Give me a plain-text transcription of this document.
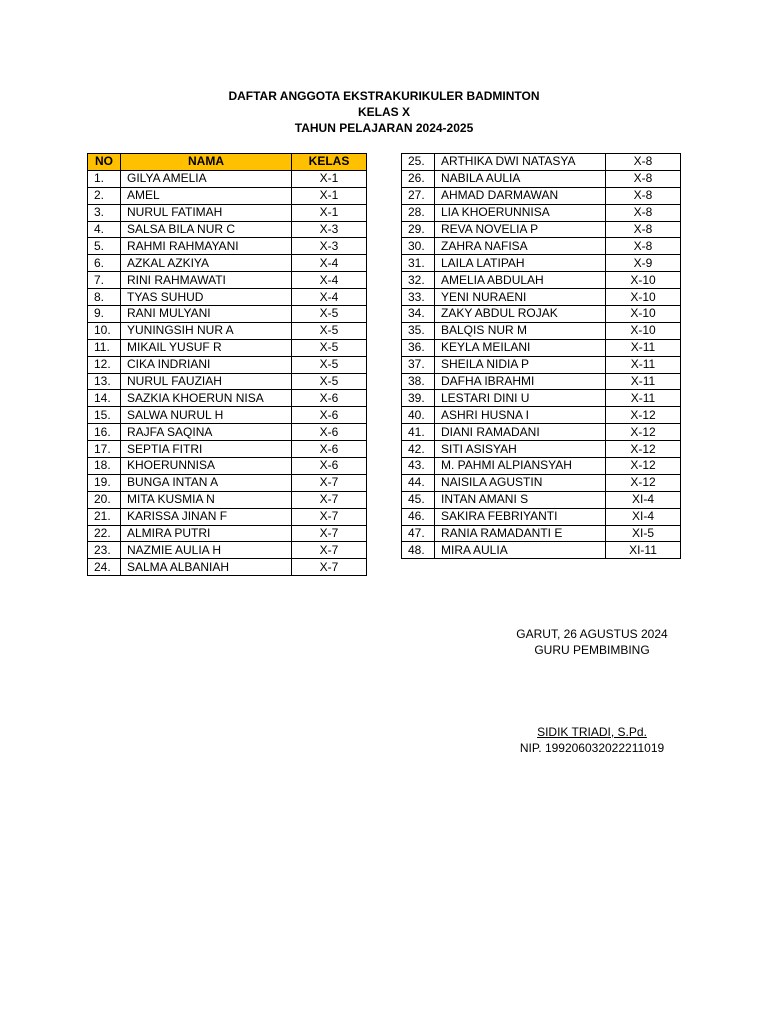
DAFTAR ANGGOTA EKSTRAKURIKULER BADMINTON
KELAS X
TAHUN PELAJARAN 2024-2025
NO	NAMA	KELAS
1.	GILYA AMELIA	X-1
2.	AMEL	X-1
3.	NURUL FATIMAH	X-1
4.	SALSA BILA NUR C	X-3
5.	RAHMI RAHMAYANI	X-3
6.	AZKAL AZKIYA	X-4
7.	RINI RAHMAWATI	X-4
8.	TYAS SUHUD	X-4
9.	RANI MULYANI	X-5
10.	YUNINGSIH NUR A	X-5
11.	MIKAIL YUSUF R	X-5
12.	CIKA INDRIANI	X-5
13.	NURUL FAUZIAH	X-5
14.	SAZKIA KHOERUN NISA	X-6
15.	SALWA NURUL H	X-6
16.	RAJFA SAQINA	X-6
17.	SEPTIA FITRI	X-6
18.	KHOERUNNISA	X-6
19.	BUNGA INTAN A	X-7
20.	MITA KUSMIA N	X-7
21.	KARISSA JINAN F	X-7
22.	ALMIRA PUTRI	X-7
23.	NAZMIE AULIA H	X-7
24.	SALMA ALBANIAH	X-7
25.	ARTHIKA DWI NATASYA	X-8
26.	NABILA AULIA	X-8
27.	AHMAD DARMAWAN	X-8
28.	LIA KHOERUNNISA	X-8
29.	REVA NOVELIA P	X-8
30.	ZAHRA NAFISA	X-8
31.	LAILA LATIPAH	X-9
32.	AMELIA ABDULAH	X-10
33.	YENI NURAENI	X-10
34.	ZAKY ABDUL ROJAK	X-10
35.	BALQIS NUR M	X-10
36.	KEYLA MEILANI	X-11
37.	SHEILA NIDIA P	X-11
38.	DAFHA IBRAHMI	X-11
39.	LESTARI DINI U	X-11
40.	ASHRI HUSNA I	X-12
41.	DIANI RAMADANI	X-12
42.	SITI ASISYAH	X-12
43.	M. PAHMI ALPIANSYAH	X-12
44.	NAISILA AGUSTIN	X-12
45.	INTAN AMANI S	XI-4
46.	SAKIRA FEBRIYANTI	XI-4
47.	RANIA RAMADANTI E	XI-5
48.	MIRA AULIA	XI-11
GARUT, 26 AGUSTUS 2024
GURU PEMBIMBING
SIDIK TRIADI, S.Pd.
NIP. 199206032022211019
